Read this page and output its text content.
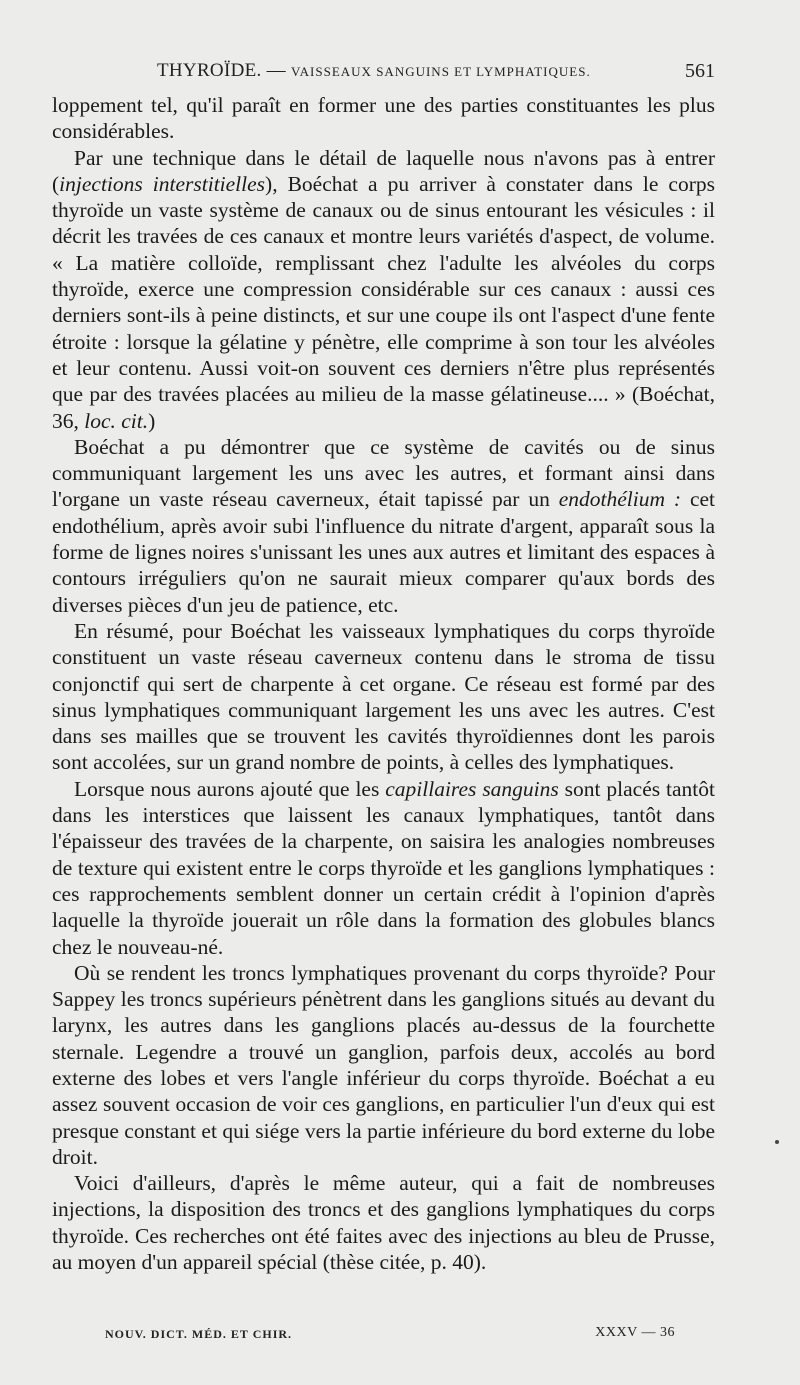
THYROÏDE. — VAISSEAUX SANGUINS ET LYMPHATIQUES.	561

loppement tel, qu'il paraît en former une des parties constituantes les plus considérables.

Par une technique dans le détail de laquelle nous n'avons pas à entrer (injections interstitielles), Boéchat a pu arriver à constater dans le corps thyroïde un vaste système de canaux ou de sinus entourant les vésicules : il décrit les travées de ces canaux et montre leurs variétés d'aspect, de volume. « La matière colloïde, remplissant chez l'adulte les alvéoles du corps thyroïde, exerce une compression considérable sur ces canaux : aussi ces derniers sont-ils à peine distincts, et sur une coupe ils ont l'aspect d'une fente étroite : lorsque la gélatine y pénètre, elle comprime à son tour les alvéoles et leur contenu. Aussi voit-on souvent ces derniers n'être plus représentés que par des travées placées au milieu de la masse gélatineuse.... » (Boéchat, 36, loc. cit.)

Boéchat a pu démontrer que ce système de cavités ou de sinus communiquant largement les uns avec les autres, et formant ainsi dans l'organe un vaste réseau caverneux, était tapissé par un endothélium : cet endothélium, après avoir subi l'influence du nitrate d'argent, apparaît sous la forme de lignes noires s'unissant les unes aux autres et limitant des espaces à contours irréguliers qu'on ne saurait mieux comparer qu'aux bords des diverses pièces d'un jeu de patience, etc.

En résumé, pour Boéchat les vaisseaux lymphatiques du corps thyroïde constituent un vaste réseau caverneux contenu dans le stroma de tissu conjonctif qui sert de charpente à cet organe. Ce réseau est formé par des sinus lymphatiques communiquant largement les uns avec les autres. C'est dans ses mailles que se trouvent les cavités thyroïdiennes dont les parois sont accolées, sur un grand nombre de points, à celles des lymphatiques.

Lorsque nous aurons ajouté que les capillaires sanguins sont placés tantôt dans les interstices que laissent les canaux lymphatiques, tantôt dans l'épaisseur des travées de la charpente, on saisira les analogies nombreuses de texture qui existent entre le corps thyroïde et les ganglions lymphatiques : ces rapprochements semblent donner un certain crédit à l'opinion d'après laquelle la thyroïde jouerait un rôle dans la formation des globules blancs chez le nouveau-né.

Où se rendent les troncs lymphatiques provenant du corps thyroïde? Pour Sappey les troncs supérieurs pénètrent dans les ganglions situés au devant du larynx, les autres dans les ganglions placés au-dessus de la fourchette sternale. Legendre a trouvé un ganglion, parfois deux, accolés au bord externe des lobes et vers l'angle inférieur du corps thyroïde. Boéchat a eu assez souvent occasion de voir ces ganglions, en particulier l'un d'eux qui est presque constant et qui siége vers la partie inférieure du bord externe du lobe droit.

Voici d'ailleurs, d'après le même auteur, qui a fait de nombreuses injections, la disposition des troncs et des ganglions lymphatiques du corps thyroïde. Ces recherches ont été faites avec des injections au bleu de Prusse, au moyen d'un appareil spécial (thèse citée, p. 40).

NOUV. DICT. MÉD. ET CHIR.	XXXV — 36
